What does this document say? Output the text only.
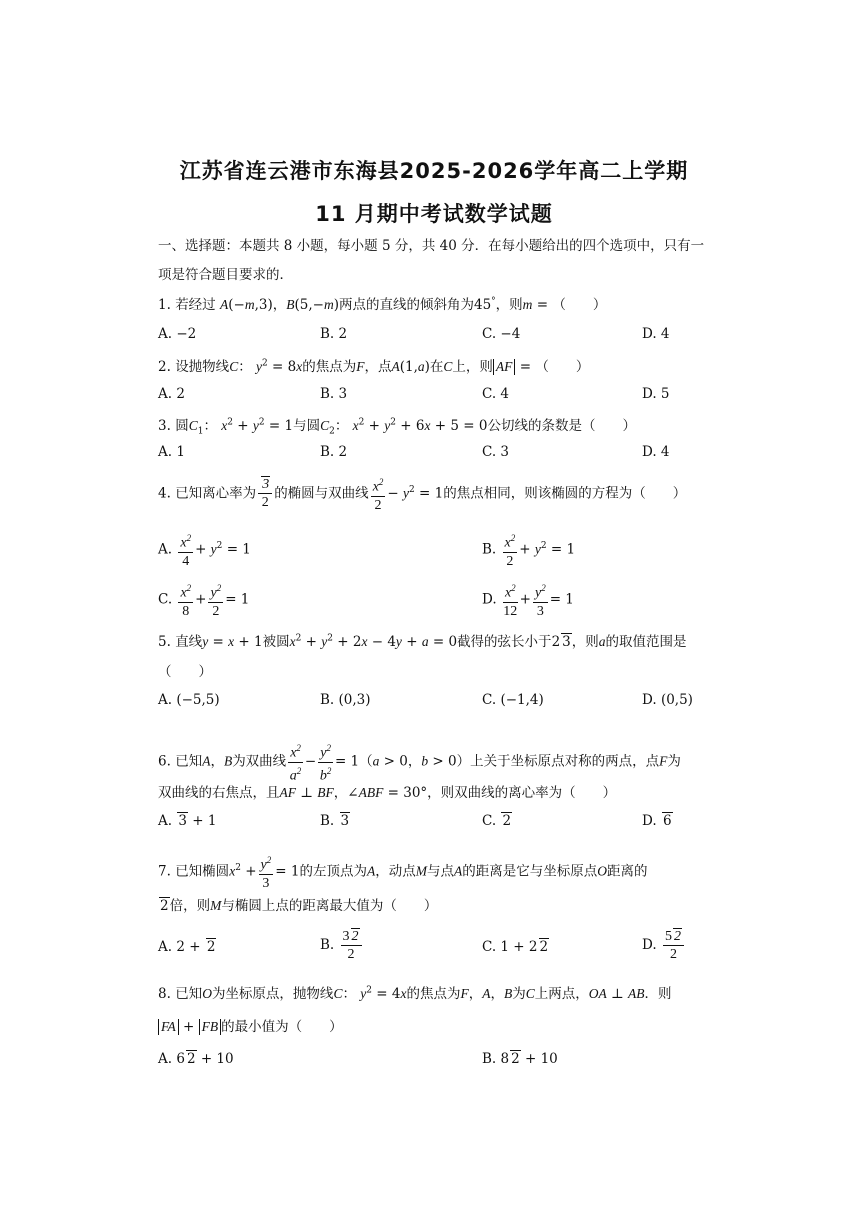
江苏省连云港市东海县2025-2026学年高二上学期
11 月期中考试数学试题
一、选择题：本题共 8 小题，每小题 5 分，共 40 分．在每小题给出的四个选项中，只有一项是符合题目要求的．
1. 若经过 A(−m,3)，B(5,−m)两点的直线的倾斜角为45°，则m = （　　）
A. −2	B. 2	C. −4	D. 4
2. 设抛物线C： $y^2 = 8x$的焦点为F，点A(1,a)在C上，则 AF = （　　）
A. 2	B. 3	C. 4	D. 5
3. 圆$C_1$： $x^2 + y^2 = 1$与圆$C_2$： $x^2 + y^2 + 6x + 5 = 0$公切线的条数是（　　）
A. 1	B. 2	C. 3	D. 4
4. 已知离心率为 $\frac{3}{2}$ 的椭圆与双曲线 $\frac{x^2}{2} - y^2 = 1$的焦点相同，则该椭圆的方程为（　　）
A. $\frac{x^2}{4} + y^2 = 1$	B. $\frac{x^2}{2} + y^2 = 1$
C. $\frac{x^2}{8} + \frac{y^2}{2} = 1$	D. $\frac{x^2}{12} + \frac{y^2}{3} = 1$
5. 直线y = x + 1被圆$x^2 + y^2 + 2x - 4y + a = 0$截得的弦长小于2 3，则a的取值范围是
（　　）
A. (−5,5)	B. (0,3)	C. (−1,4)	D. (0,5)
6. 已知A，B为双曲线 $\frac{x^2}{a^2} - \frac{y^2}{b^2} = 1(a > 0$，b > 0）上关于坐标原点对称的两点，点F为
双曲线的右焦点，且AF ⊥ BF，∠ABF = 30°，则双曲线的离心率为（　　）
A. 3 + 1	B. 3	C. 2	D. 6
7. 已知椭圆$x^2 + \frac{y^2}{3} = 1$的左顶点为A，动点M与点A的距离是它与坐标原点O距离的
2倍，则M与椭圆上点的距离最大值为（　　）
A. 2 + 2	B. $\frac{3 2}{2}$	C. 1 + 2 2	D. $\frac{5 2}{2}$
8. 已知O为坐标原点，抛物线C： $y^2 = 4x$的焦点为F，A，B为C上两点，OA ⊥ AB．则
FA + FB 的最小值为（　　）
A. 6 2 + 10	B. 8 2 + 10
